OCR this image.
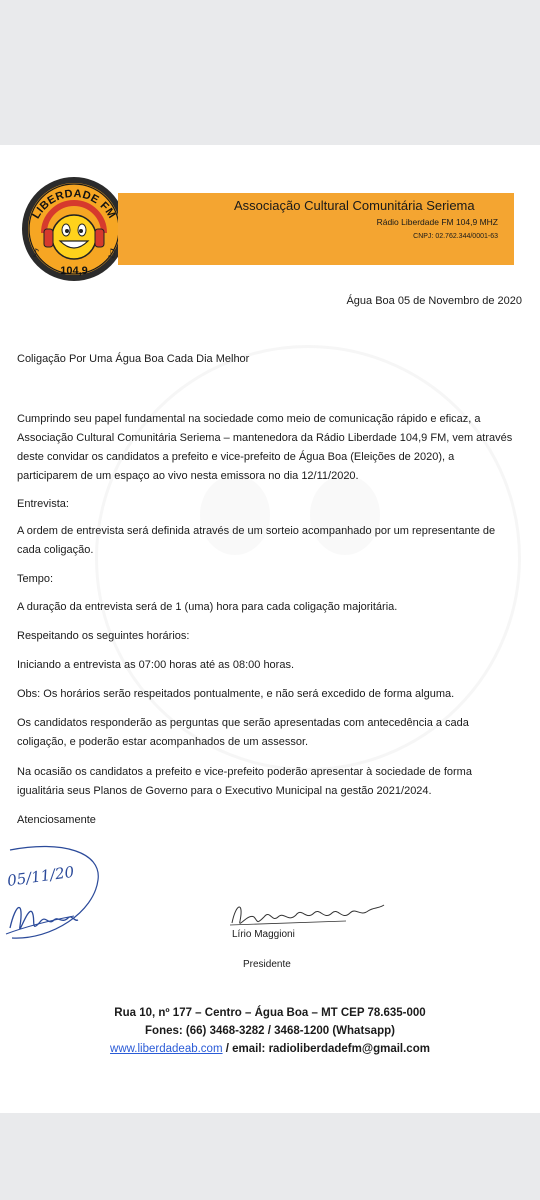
♪	♫
LIBERDADE FM
104,9
Associação Cultural Comunitária Seriema
Rádio Liberdade FM 104,9 MHZ
CNPJ: 02.762.344/0001-63
Água Boa 05 de Novembro de 2020
Coligação Por Uma Água Boa Cada Dia Melhor

Cumprindo seu papel fundamental na sociedade como meio de comunicação rápido e eficaz, a Associação Cultural Comunitária Seriema – mantenedora da Rádio Liberdade 104,9 FM, vem através deste convidar os candidatos a prefeito e vice-prefeito de Água Boa (Eleições de 2020), a participarem de um espaço ao vivo nesta emissora no dia 12/11/2020.

Entrevista:

A ordem de entrevista será definida através de um sorteio acompanhado por um representante de cada coligação.

Tempo:

A duração da entrevista será de 1 (uma) hora para cada coligação majoritária.

Respeitando os seguintes horários:

Iniciando a entrevista as 07:00 horas até as 08:00 horas.

Obs: Os horários serão respeitados pontualmente, e não será excedido de forma alguma.

Os candidatos responderão as perguntas que serão apresentadas com antecedência a cada coligação, e poderão estar acompanhados de um assessor.

Na ocasião os candidatos a prefeito e vice-prefeito poderão apresentar à sociedade de forma igualitária seus Planos de Governo para o Executivo Municipal na gestão 2021/2024.

Atenciosamente

05/11/20
Lírio Maggioni
Presidente
Rua 10, nº 177 – Centro – Água Boa – MT CEP 78.635-000
Fones: (66) 3468-3282 / 3468-1200 (Whatsapp)
www.liberdadeab.com / email: radioliberdadefm@gmail.com
